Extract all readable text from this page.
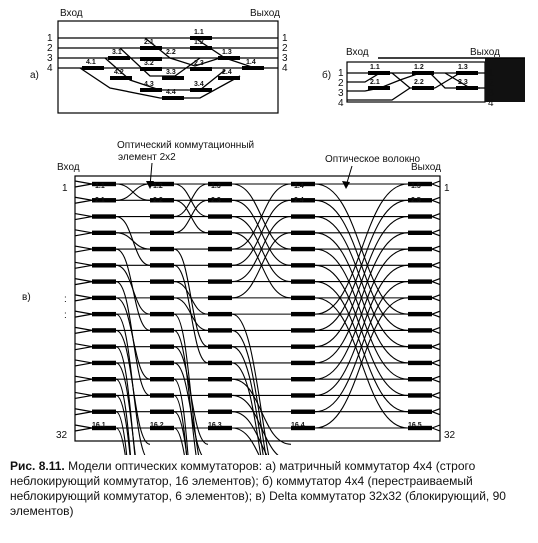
а)
Вход	Выход
1
2
3
4
1
2
3
4
1.1
2.1	1.2
3.1	2.2	1.3
4.1	3.2	2.3	1.4
4.2	3.3	2.4
4.3	3.4
4.4
б)
Вход	Выход
1
2
3
4
1
2
3
4
1.1
2.1
1.2
2.2
1.3
2.3
в)
Оптический коммутационный
элемент 2x2	Оптическое волокно
Вход	Выход
1	1
32	32
:
:
1.1	1.2	1.3	1.4	1.5
2.1	2.2	2.3	2.4	2.5
16.1	16.2	16.3	16.4	16.5
Рис. 8.11. Модели оптических коммутаторов: а) матричный коммутатор 4x4 (строго неблокирующий коммутатор, 16 элементов); б) коммутатор 4x4 (перестраиваемый неблокирующий коммутатор, 6 элементов); в) Delta коммутатор 32x32 (блокирующий, 90 элементов)
